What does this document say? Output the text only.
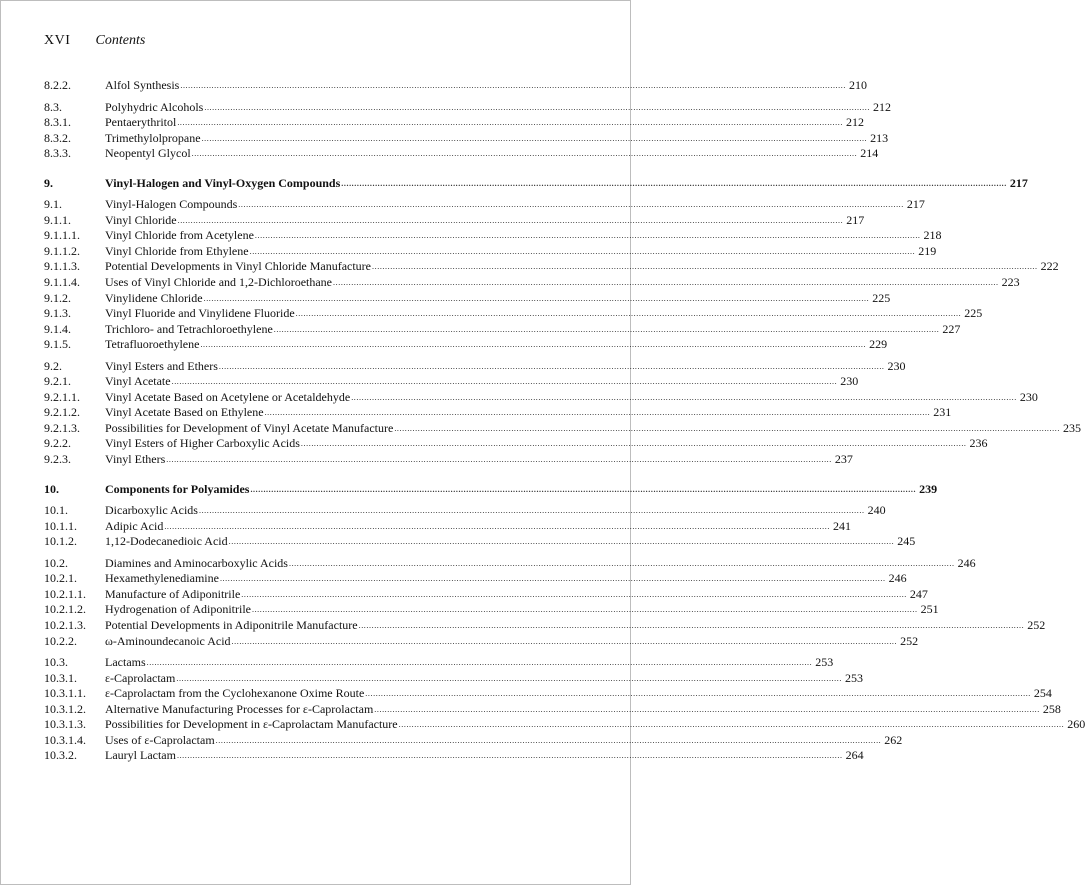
XVI Contents
8.2.2.	Alfol Synthesis .....	210
8.3.	Polyhydric Alcohols .....	212
8.3.1.	Pentaerythritol .....	212
8.3.2.	Trimethylolpropane .....	213
8.3.3.	Neopentyl Glycol .....	214
9.	Vinyl-Halogen and Vinyl-Oxygen Compounds .....	217
9.1.	Vinyl-Halogen Compounds .....	217
9.1.1.	Vinyl Chloride .....	217
9.1.1.1.	Vinyl Chloride from Acetylene .....	218
9.1.1.2.	Vinyl Chloride from Ethylene .....	219
9.1.1.3.	Potential Developments in Vinyl Chloride Manufacture .....	222
9.1.1.4.	Uses of Vinyl Chloride and 1,2-Dichloroethane .....	223
9.1.2.	Vinylidene Chloride .....	225
9.1.3.	Vinyl Fluoride and Vinylidene Fluoride .....	225
9.1.4.	Trichloro- and Tetrachloroethylene .....	227
9.1.5.	Tetrafluoroethylene .....	229
9.2.	Vinyl Esters and Ethers .....	230
9.2.1.	Vinyl Acetate .....	230
9.2.1.1.	Vinyl Acetate Based on Acetylene or Acetaldehyde .....	230
9.2.1.2.	Vinyl Acetate Based on Ethylene .....	231
9.2.1.3.	Possibilities for Development of Vinyl Acetate Manufacture .....	235
9.2.2.	Vinyl Esters of Higher Carboxylic Acids .....	236
9.2.3.	Vinyl Ethers .....	237
10.	Components for Polyamides .....	239
10.1.	Dicarboxylic Acids .....	240
10.1.1.	Adipic Acid .....	241
10.1.2.	1,12-Dodecanedioic Acid .....	245
10.2.	Diamines and Aminocarboxylic Acids .....	246
10.2.1.	Hexamethylenediamine .....	246
10.2.1.1.	Manufacture of Adiponitrile .....	247
10.2.1.2.	Hydrogenation of Adiponitrile .....	251
10.2.1.3.	Potential Developments in Adiponitrile Manufacture .....	252
10.2.2.	ω-Aminoundecanoic Acid .....	252
10.3.	Lactams .....	253
10.3.1.	ε-Caprolactam .....	253
10.3.1.1.	ε-Caprolactam from the Cyclohexanone Oxime Route .....	254
10.3.1.2.	Alternative Manufacturing Processes for ε-Caprolactam .....	258
10.3.1.3.	Possibilities for Development in ε-Caprolactam Manufacture .....	260
10.3.1.4.	Uses of ε-Caprolactam .....	262
10.3.2.	Lauryl Lactam .....	264
